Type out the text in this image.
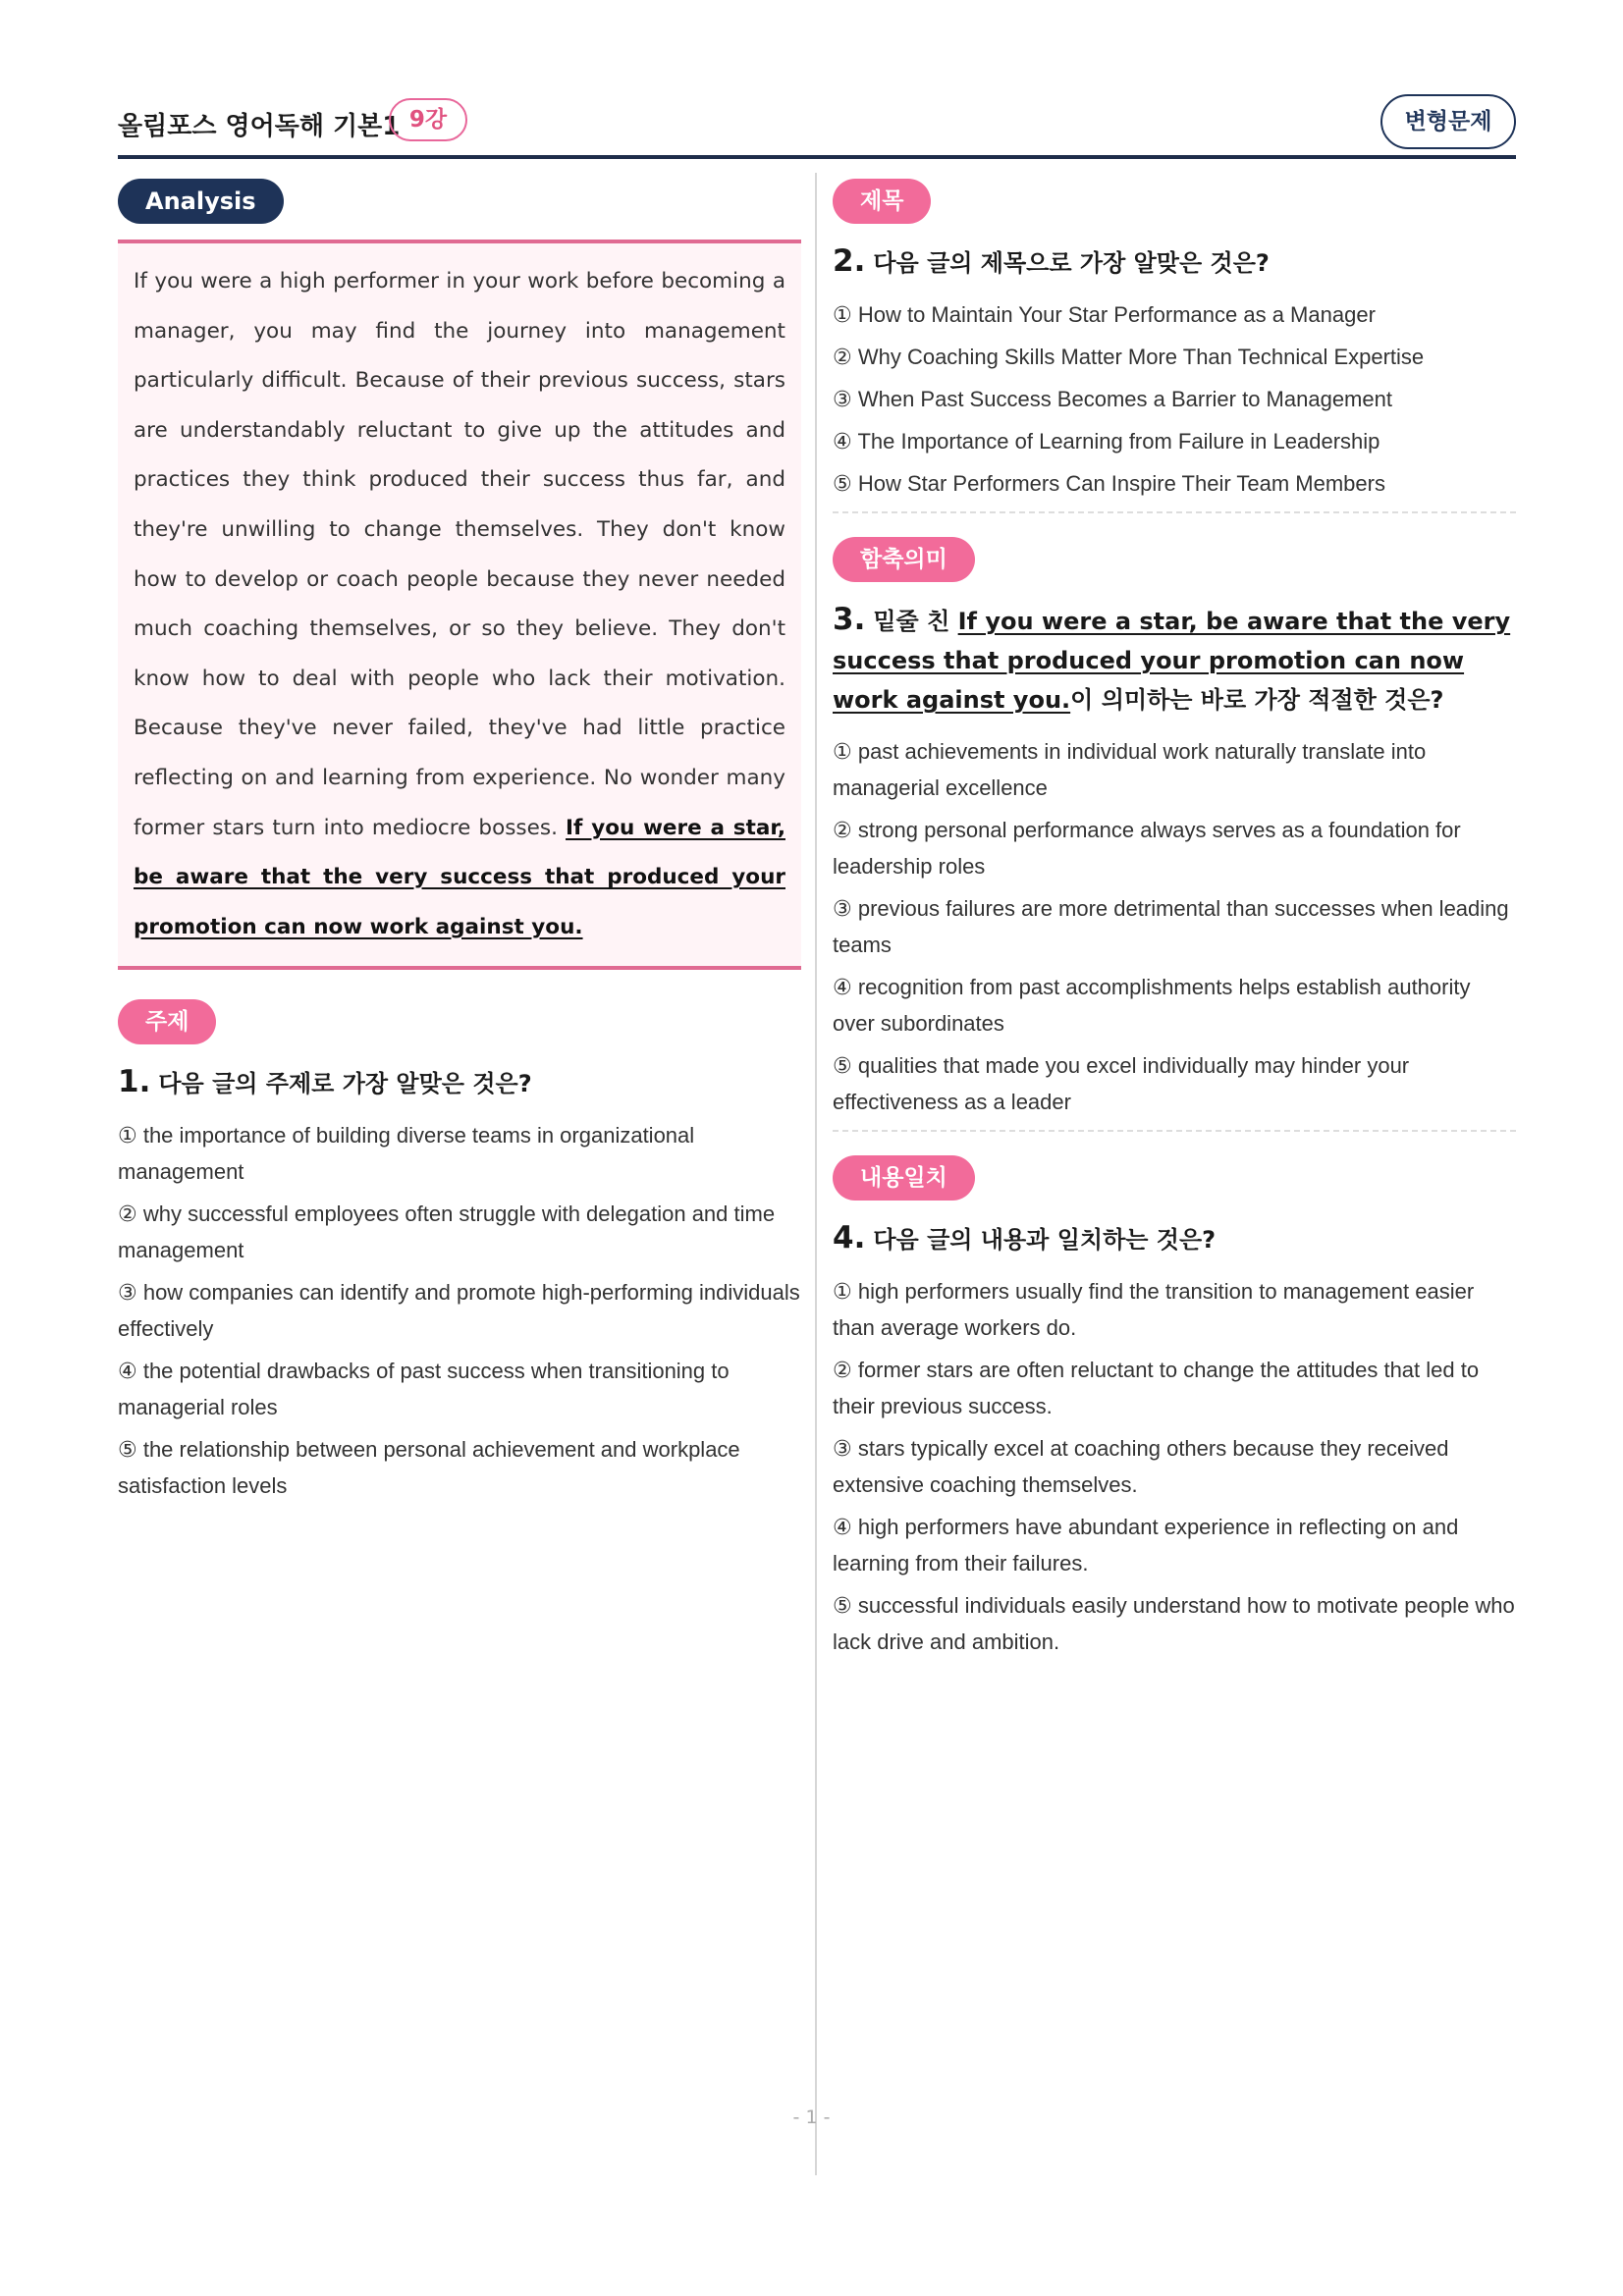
올림포스 영어독해 기본1 9강	변형문제
Analysis

If you were a high performer in your work before becoming a manager, you may find the journey into management particularly difficult. Because of their previous success, stars are understandably reluctant to give up the attitudes and practices they think produced their success thus far, and they're unwilling to change themselves. They don't know how to develop or coach people because they never needed much coaching themselves, or so they believe. They don't know how to deal with people who lack their motivation. Because they've never failed, they've had little practice reflecting on and learning from experience. No wonder many former stars turn into mediocre bosses. If you were a star, be aware that the very success that produced your promotion can now work against you.

주제
1. 다음 글의 주제로 가장 알맞은 것은?
① the importance of building diverse teams in organizational management
② why successful employees often struggle with delegation and time management
③ how companies can identify and promote high-performing individuals effectively
④ the potential drawbacks of past success when transitioning to managerial roles
⑤ the relationship between personal achievement and workplace satisfaction levels
제목
2. 다음 글의 제목으로 가장 알맞은 것은?
① How to Maintain Your Star Performance as a Manager
② Why Coaching Skills Matter More Than Technical Expertise
③ When Past Success Becomes a Barrier to Management
④ The Importance of Learning from Failure in Leadership
⑤ How Star Performers Can Inspire Their Team Members
함축의미
3. 밑줄 친 If you were a star, be aware that the very success that produced your promotion can now work against you.이 의미하는 바로 가장 적절한 것은?
① past achievements in individual work naturally translate into managerial excellence
② strong personal performance always serves as a foundation for leadership roles
③ previous failures are more detrimental than successes when leading teams
④ recognition from past accomplishments helps establish authority over subordinates
⑤ qualities that made you excel individually may hinder your effectiveness as a leader
내용일치
4. 다음 글의 내용과 일치하는 것은?
① high performers usually find the transition to management easier than average workers do.
② former stars are often reluctant to change the attitudes that led to their previous success.
③ stars typically excel at coaching others because they received extensive coaching themselves.
④ high performers have abundant experience in reflecting on and learning from their failures.
⑤ successful individuals easily understand how to motivate people who lack drive and ambition.
- 1 -
